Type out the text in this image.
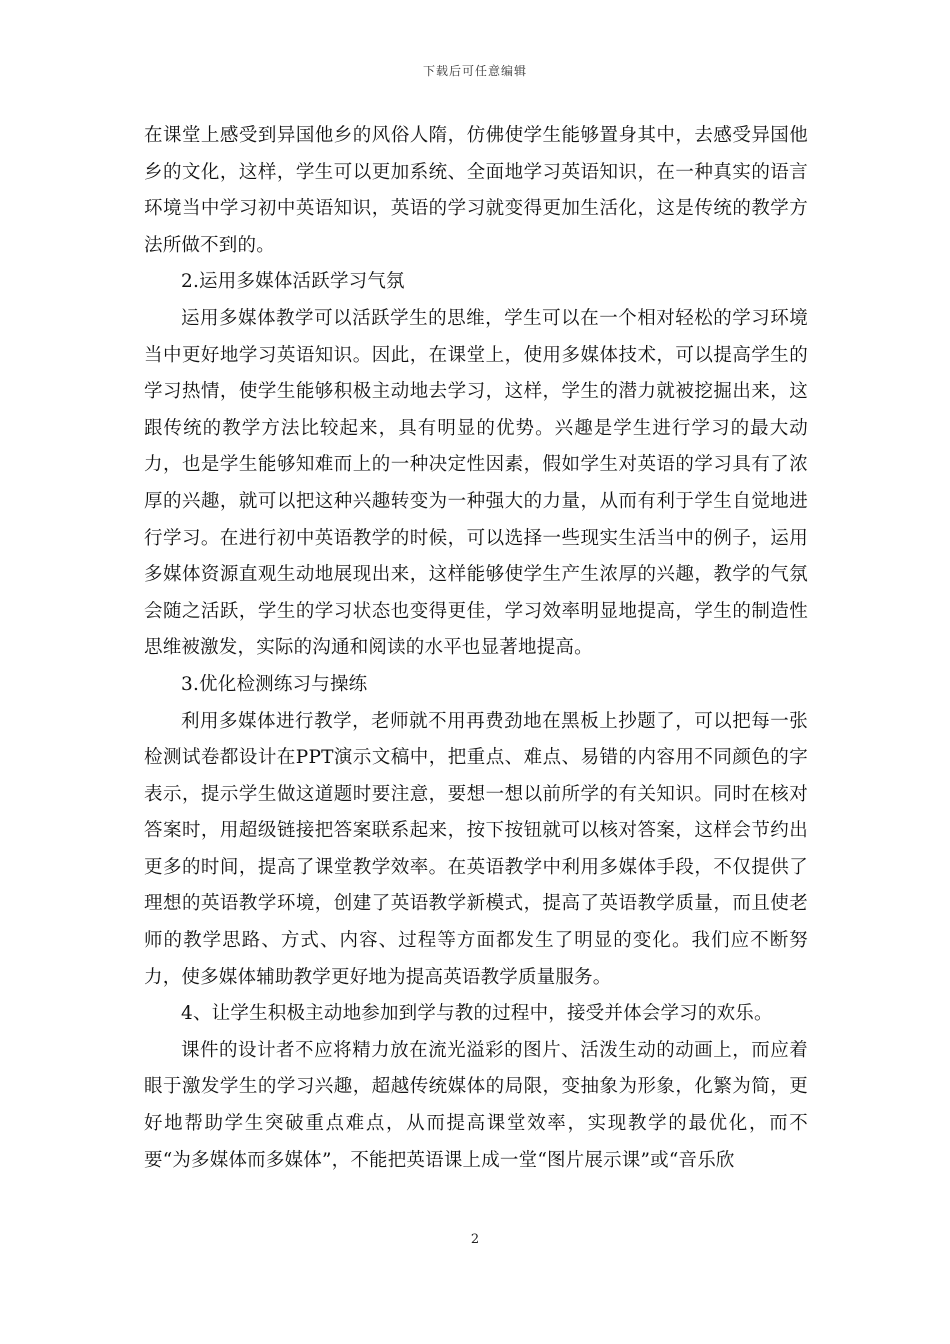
下载后可任意编辑

在课堂上感受到异国他乡的风俗人隋，仿佛使学生能够置身其中，去感受异国他乡的文化，这样，学生可以更加系统、全面地学习英语知识，在一种真实的语言环境当中学习初中英语知识，英语的学习就变得更加生活化，这是传统的教学方法所做不到的。

2.运用多媒体活跃学习气氛

运用多媒体教学可以活跃学生的思维，学生可以在一个相对轻松的学习环境当中更好地学习英语知识。因此，在课堂上，使用多媒体技术，可以提高学生的学习热情，使学生能够积极主动地去学习，这样，学生的潜力就被挖掘出来，这跟传统的教学方法比较起来，具有明显的优势。兴趣是学生进行学习的最大动力，也是学生能够知难而上的一种决定性因素，假如学生对英语的学习具有了浓厚的兴趣，就可以把这种兴趣转变为一种强大的力量，从而有利于学生自觉地进行学习。在进行初中英语教学的时候，可以选择一些现实生活当中的例子，运用多媒体资源直观生动地展现出来，这样能够使学生产生浓厚的兴趣，教学的气氛会随之活跃，学生的学习状态也变得更佳，学习效率明显地提高，学生的制造性思维被激发，实际的沟通和阅读的水平也显著地提高。

3.优化检测练习与操练

利用多媒体进行教学，老师就不用再费劲地在黑板上抄题了，可以把每一张检测试卷都设计在PPT演示文稿中，把重点、难点、易错的内容用不同颜色的字表示，提示学生做这道题时要注意，要想一想以前所学的有关知识。同时在核对答案时，用超级链接把答案联系起来，按下按钮就可以核对答案，这样会节约出更多的时间，提高了课堂教学效率。在英语教学中利用多媒体手段，不仅提供了理想的英语教学环境，创建了英语教学新模式，提高了英语教学质量，而且使老师的教学思路、方式、内容、过程等方面都发生了明显的变化。我们应不断努力，使多媒体辅助教学更好地为提高英语教学质量服务。

4、让学生积极主动地参加到学与教的过程中，接受并体会学习的欢乐。

课件的设计者不应将精力放在流光溢彩的图片、活泼生动的动画上，而应着眼于激发学生的学习兴趣，超越传统媒体的局限，变抽象为形象，化繁为简，更好地帮助学生突破重点难点，从而提高课堂效率，实现教学的最优化，而不要“为多媒体而多媒体”，不能把英语课上成一堂“图片展示课”或“音乐欣

2
